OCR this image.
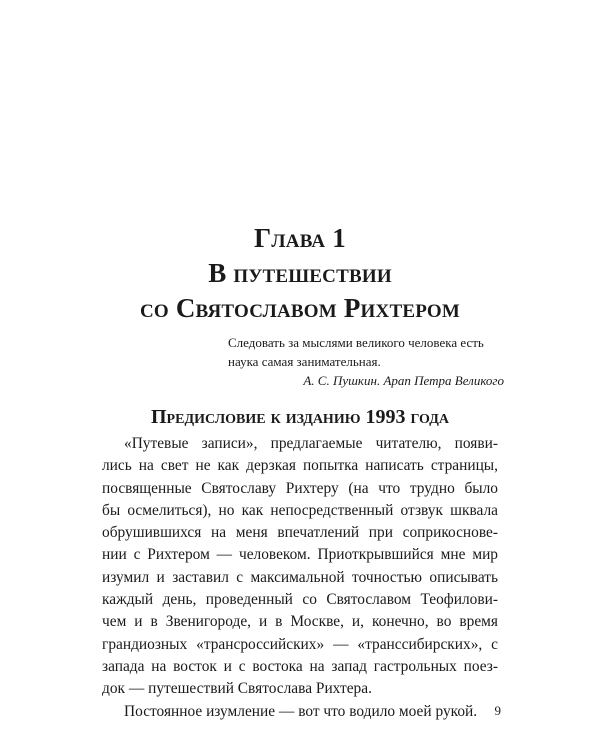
Глава 1
В путешествии
со Святославом Рихтером

Следовать за мыслями великого человека есть
наука самая занимательная.

А. С. Пушкин. Арап Петра Великого

Предисловие к изданию 1993 года
«Путевые записи», предлагаемые читателю, появи-
лись на свет не как дерзкая попытка написать страницы,
посвященные Святославу Рихтеру (на что трудно было
бы осмелиться), но как непосредственный отзвук шквала
обрушившихся на меня впечатлений при соприкоснове-
нии с Рихтером — человеком. Приоткрывшийся мне мир
изумил и заставил с максимальной точностью описывать
каждый день, проведенный со Святославом Теофилови-
чем и в Звенигороде, и в Москве, и, конечно, во время
грандиозных «трансроссийских» — «транссибирских», с
запада на восток и с востока на запад гастрольных поез-
док — путешествий Святослава Рихтера.
Постоянное изумление — вот что водило моей рукой.	9
